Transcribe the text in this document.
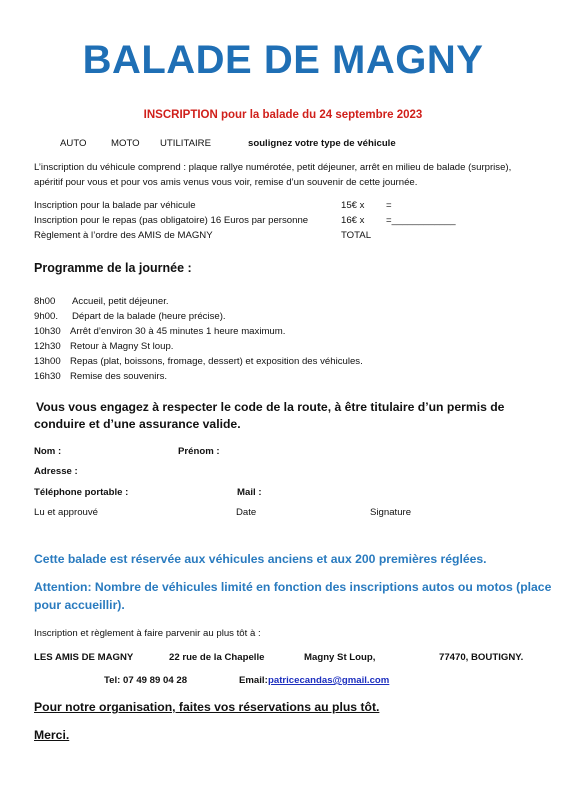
BALADE DE MAGNY
INSCRIPTION pour la balade du 24 septembre 2023
AUTO	MOTO UTILITAIRE	soulignez votre type de véhicule
L’inscription du véhicule comprend : plaque rallye numérotée, petit déjeuner, arrêt en milieu de balade (surprise),
apéritif pour vous et pour vos amis venus vous voir, remise d’un souvenir de cette journée.
Inscription pour la balade par véhicule	15€ x =
Inscription pour le repas (pas obligatoire) 16 Euros par personne	16€ x =____________
Règlement à l’ordre des AMIS de MAGNY	TOTAL
Programme de la journée :
8h00 Accueil, petit déjeuner.
9h00. Départ de la balade (heure précise).
10h30 Arrêt d’environ 30 à 45 minutes 1 heure maximum.
12h30 Retour à Magny St loup.
13h00 Repas (plat, boissons, fromage, dessert) et exposition des véhicules.
16h30 Remise des souvenirs.
Vous vous engagez à respecter le code de la route, à être titulaire d’un permis de
conduire et d’une assurance valide.
Nom :	Prénom :
Adresse :
Téléphone portable :	Mail :
Lu et approuvé	Date	Signature
Cette balade est réservée aux véhicules anciens et aux 200 premières réglées.
Attention: Nombre de véhicules limité en fonction des inscriptions autos ou motos (place
pour accueillir).
Inscription et règlement à faire parvenir au plus tôt à :
LES AMIS DE MAGNY	22 rue de la Chapelle	Magny St Loup,	77470, BOUTIGNY.
Tel: 07 49 89 04 28	Email: patricecandas@gmail.com
Pour notre organisation, faites vos réservations au plus tôt.
Merci.
